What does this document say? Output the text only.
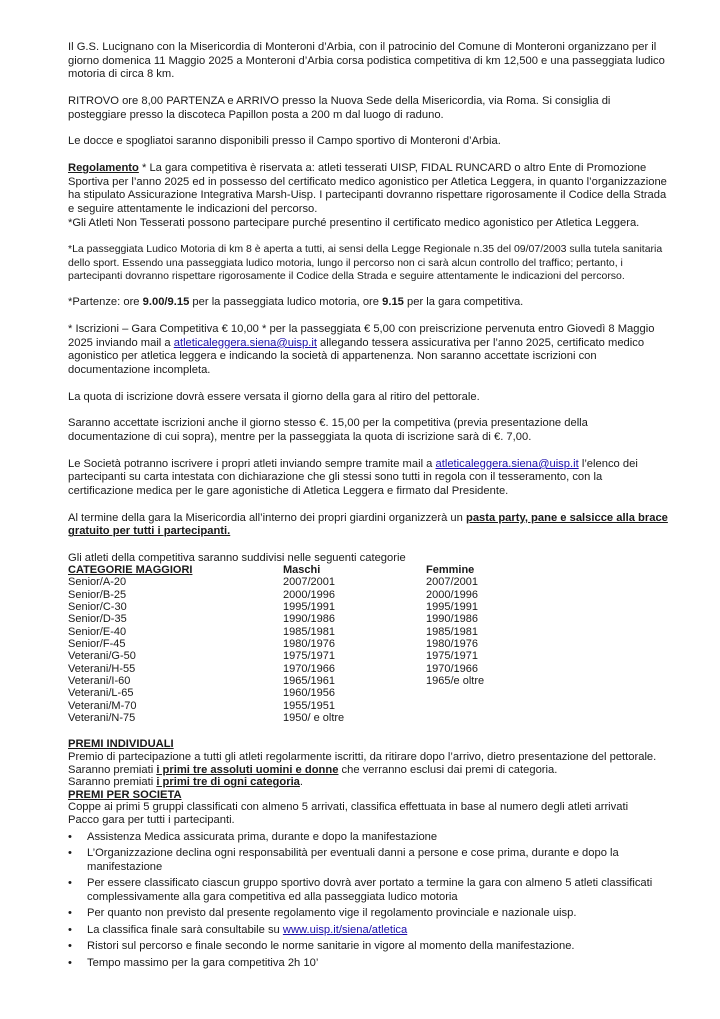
Il G.S. Lucignano con la Misericordia di Monteroni d’Arbia, con il patrocinio del Comune di Monteroni organizzano per il giorno domenica 11 Maggio 2025 a Monteroni d’Arbia corsa podistica competitiva di km 12,500 e una passeggiata ludico motoria di circa 8 km.

RITROVO ore 8,00 PARTENZA e ARRIVO presso la Nuova Sede della Misericordia, via Roma. Si consiglia di posteggiare presso la discoteca Papillon posta a 200 m dal luogo di raduno.

Le docce e spogliatoi saranno disponibili presso il Campo sportivo di Monteroni d’Arbia.

Regolamento * La gara competitiva è riservata a: atleti tesserati UISP, FIDAL RUNCARD o altro Ente di Promozione Sportiva per l’anno 2025 ed in possesso del certificato medico agonistico per Atletica Leggera, in quanto l’organizzazione ha stipulato Assicurazione Integrativa Marsh-Uisp. I partecipanti dovranno rispettare rigorosamente il Codice della Strada e seguire attentamente le indicazioni del percorso.

*Gli Atleti Non Tesserati possono partecipare purché presentino il certificato medico agonistico per Atletica Leggera.

*La passeggiata Ludico Motoria di km 8 è aperta a tutti, ai sensi della Legge Regionale n.35 del 09/07/2003 sulla tutela sanitaria dello sport. Essendo una passeggiata ludico motoria, lungo il percorso non ci sarà alcun controllo del traffico; pertanto, i partecipanti dovranno rispettare rigorosamente il Codice della Strada e seguire attentamente le indicazioni del percorso.

*Partenze: ore 9.00/9.15 per la passeggiata ludico motoria, ore 9.15 per la gara competitiva.

* Iscrizioni – Gara Competitiva € 10,00 * per la passeggiata € 5,00 con preiscrizione pervenuta entro Giovedì 8 Maggio 2025 inviando mail a atleticaleggera.siena@uisp.it allegando tessera assicurativa per l’anno 2025, certificato medico agonistico per atletica leggera e indicando la società di appartenenza. Non saranno accettate iscrizioni con documentazione incompleta.

La quota di iscrizione dovrà essere versata il giorno della gara al ritiro del pettorale.

Saranno accettate iscrizioni anche il giorno stesso €. 15,00 per la competitiva (previa presentazione della documentazione di cui sopra), mentre per la passeggiata la quota di iscrizione sarà di €. 7,00.

Le Società potranno iscrivere i propri atleti inviando sempre tramite mail a atleticaleggera.siena@uisp.it l’elenco dei partecipanti su carta intestata con dichiarazione che gli stessi sono tutti in regola con il tesseramento, con la certificazione medica per le gare agonistiche di Atletica Leggera e firmato dal Presidente.

Al termine della gara la Misericordia all’interno dei propri giardini organizzerà un pasta party, pane e salsicce alla brace gratuito per tutti i partecipanti.

Gli atleti della competitiva saranno suddivisi nelle seguenti categorie

CATEGORIE MAGGIORI	Maschi	Femmine
Senior/A-20	2007/2001	2007/2001
Senior/B-25	2000/1996	2000/1996
Senior/C-30	1995/1991	1995/1991
Senior/D-35	1990/1986	1990/1986
Senior/E-40	1985/1981	1985/1981
Senior/F-45	1980/1976	1980/1976
Veterani/G-50	1975/1971	1975/1971
Veterani/H-55	1970/1966	1970/1966
Veterani/I-60	1965/1961	1965/e oltre
Veterani/L-65	1960/1956	
Veterani/M-70	1955/1951	
Veterani/N-75	1950/ e oltre	

PREMI INDIVIDUALI

Premio di partecipazione a tutti gli atleti regolarmente iscritti, da ritirare dopo l’arrivo, dietro presentazione del pettorale.

Saranno premiati i primi tre assoluti uomini e donne che verranno esclusi dai premi di categoria.

Saranno premiati i primi tre di ogni categoria.

PREMI PER SOCIETA

Coppe ai primi 5 gruppi classificati con almeno 5 arrivati, classifica effettuata in base al numero degli atleti arrivati

Pacco gara per tutti i partecipanti.

• Assistenza Medica assicurata prima, durante e dopo la manifestazione
• L’Organizzazione declina ogni responsabilità per eventuali danni a persone e cose prima, durante e dopo la manifestazione
• Per essere classificato ciascun gruppo sportivo dovrà aver portato a termine la gara con almeno 5 atleti classificati complessivamente alla gara competitiva ed alla passeggiata ludico motoria
• Per quanto non previsto dal presente regolamento vige il regolamento provinciale e nazionale uisp.
• La classifica finale sarà consultabile su www.uisp.it/siena/atletica
• Ristori sul percorso e finale secondo le norme sanitarie in vigore al momento della manifestazione.
• Tempo massimo per la gara competitiva 2h 10’
